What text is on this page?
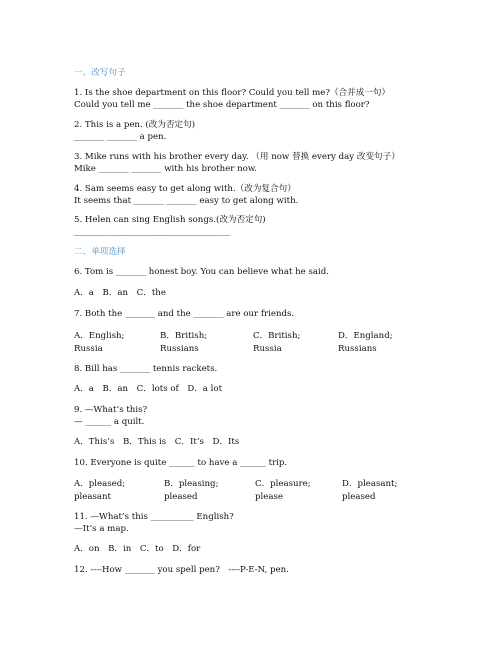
一、改写句子
1. Is the shoe department on this floor? Could you tell me?（合并成一句）
Could you tell me _______ the shoe department _______ on this floor?
2. This is a pen. (改为否定句)
_______ _______ a pen.
3. Mike runs with his brother every day. （用 now 替换 every day 改变句子）
Mike _______ _______ with his brother now.
4. Sam seems easy to get along with.（改为复合句）
It seems that _______ _______ easy to get along with.
5. Helen can sing English songs.(改为否定句)
________________________________________
二、单项选择
6. Tom is _______ honest boy. You can believe what he said.
A．a　B．an　C．the
7. Both the _______ and the _______ are our friends.
A．English;
Russia
B．British;
Russians
C．British;
Russia
D．England;
Russians
8. Bill has _______ tennis rackets.
A．a　B．an　C．lots of　D．a lot
9. —What’s this?
— ______ a quilt.
A．This’s　B．This is　C．It’s　D．Its
10. Everyone is quite ______ to have a ______ trip.
A．pleased;
pleasant
B．pleasing;
pleased
C．pleasure;
please
D．pleasant;
pleased
11. —What’s this __________ English?
—It’s a map.
A．on　B．in　C．to　D．for
12. ----How _______ you spell pen?　----P-E-N, pen.
